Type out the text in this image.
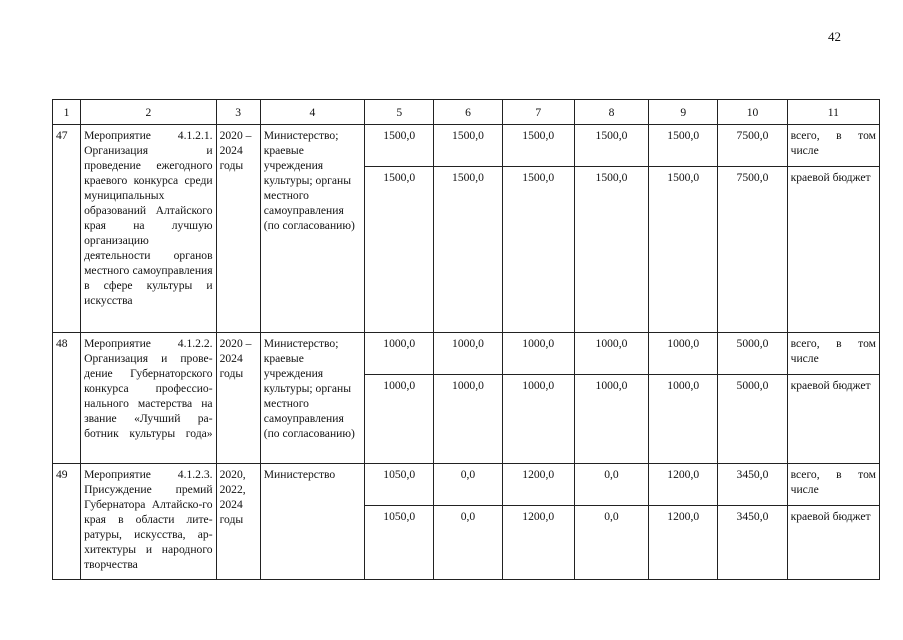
42
1	2	3	4	5	6	7	8	9	10	11
47	Мероприятие 4.1.2.1. Организация и проведение ежегодного краевого конкурса среди муниципальных образований Алтайского края на лучшую организацию деятельности органов местного самоуправления в сфере культуры и искусства	2020 – 2024 годы	Министерство; краевые учреждения культуры; органы местного самоуправления (по согласованию)	1500,0	1500,0	1500,0	1500,0	1500,0	7500,0	всего, в том числе
				1500,0	1500,0	1500,0	1500,0	1500,0	7500,0	краевой бюджет
48	Мероприятие 4.1.2.2. Организация и прове-дение Губернаторского конкурса профессио-нального мастерства на звание «Лучший ра-ботник культуры года»	2020 – 2024 годы	Министерство; краевые учреждения культуры; органы местного самоуправления (по согласованию)	1000,0	1000,0	1000,0	1000,0	1000,0	5000,0	всего, в том числе
				1000,0	1000,0	1000,0	1000,0	1000,0	5000,0	краевой бюджет
49	Мероприятие 4.1.2.3. Присуждение премий Губернатора Алтайско-го края в области лите-ратуры, искусства, ар-хитектуры и народного творчества	2020, 2022, 2024 годы	Министерство	1050,0	0,0	1200,0	0,0	1200,0	3450,0	всего, в том числе
				1050,0	0,0	1200,0	0,0	1200,0	3450,0	краевой бюджет
